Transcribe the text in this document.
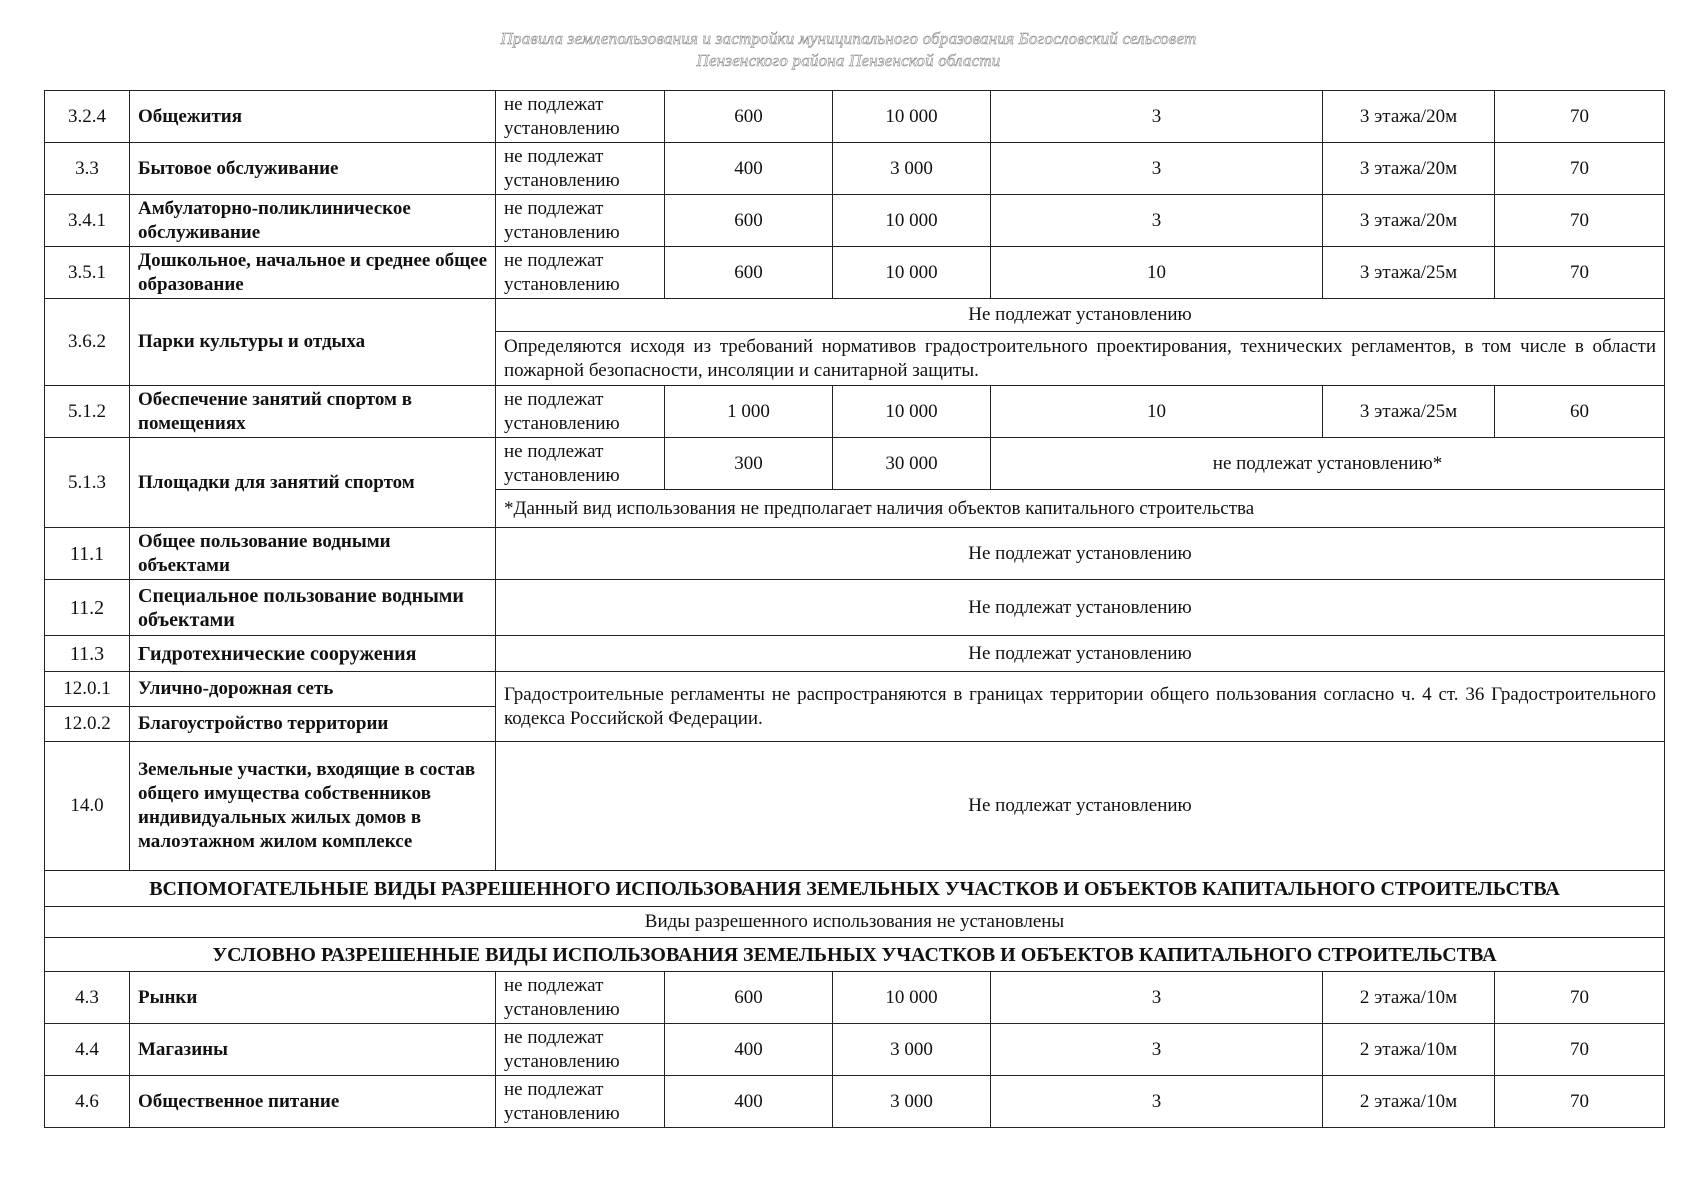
Правила землепользования и застройки муниципального образования Богословский сельсовет
Пензенского района Пензенской области
3.2.4	Общежития	не подлежат установлению	600	10 000	3	3 этажа/20м	70
3.3	Бытовое обслуживание	не подлежат установлению	400	3 000	3	3 этажа/20м	70
3.4.1	Амбулаторно-поликлиническое обслуживание	не подлежат установлению	600	10 000	3	3 этажа/20м	70
3.5.1	Дошкольное, начальное и среднее общее образование	не подлежат установлению	600	10 000	10	3 этажа/25м	70
3.6.2	Парки культуры и отдыха	Не подлежат установлению					
		Определяются исходя из требований нормативов градостроительного проектирования, технических регламентов, в том числе в области пожарной безопасности, инсоляции и санитарной защиты.					
5.1.2	Обеспечение занятий спортом в помещениях	не подлежат установлению	1 000	10 000	10	3 этажа/25м	60
5.1.3	Площадки для занятий спортом	не подлежат установлению	300	30 000	не подлежат установлению*		
		*Данный вид использования не предполагает наличия объектов капитального строительства					
11.1	Общее пользование водными объектами	Не подлежат установлению					
11.2	Специальное пользование водными объектами	Не подлежат установлению					
11.3	Гидротехнические сооружения	Не подлежат установлению					
12.0.1	Улично-дорожная сеть	Градостроительные регламенты не распространяются в границах территории общего пользования согласно ч. 4 ст. 36 Градостроительного кодекса Российской Федерации.					
12.0.2	Благоустройство территории						
14.0	Земельные участки, входящие в состав общего имущества собственников индивидуальных жилых домов в малоэтажном жилом комплексе	Не подлежат установлению					
ВСПОМОГАТЕЛЬНЫЕ ВИДЫ РАЗРЕШЕННОГО ИСПОЛЬЗОВАНИЯ ЗЕМЕЛЬНЫХ УЧАСТКОВ И ОБЪЕКТОВ КАПИТАЛЬНОГО СТРОИТЕЛЬСТВА							
Виды разрешенного использования не установлены							
УСЛОВНО РАЗРЕШЕННЫЕ ВИДЫ ИСПОЛЬЗОВАНИЯ ЗЕМЕЛЬНЫХ УЧАСТКОВ И ОБЪЕКТОВ КАПИТАЛЬНОГО СТРОИТЕЛЬСТВА							
4.3	Рынки	не подлежат установлению	600	10 000	3	2 этажа/10м	70
4.4	Магазины	не подлежат установлению	400	3 000	3	2 этажа/10м	70
4.6	Общественное питание	не подлежат установлению	400	3 000	3	2 этажа/10м	70
